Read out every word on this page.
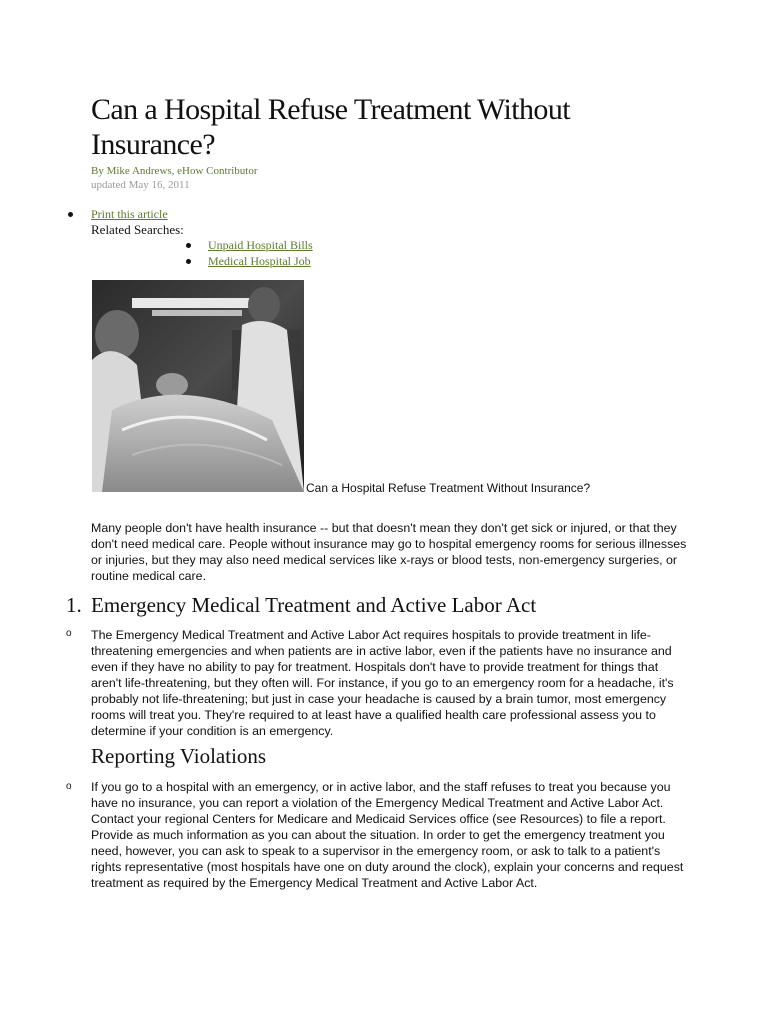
Can a Hospital Refuse Treatment Without Insurance?
By Mike Andrews, eHow Contributor
updated May 16, 2011
Print this article
Related Searches:
Unpaid Hospital Bills
Medical Hospital Job
Can a Hospital Refuse Treatment Without Insurance?

Many people don't have health insurance -- but that doesn't mean they don't get sick or injured, or that they don't need medical care. People without insurance may go to hospital emergency rooms for serious illnesses or injuries, but they may also need medical services like x-rays or blood tests, non-emergency surgeries, or routine medical care.

1. Emergency Medical Treatment and Active Labor Act
o The Emergency Medical Treatment and Active Labor Act requires hospitals to provide treatment in life-threatening emergencies and when patients are in active labor, even if the patients have no insurance and even if they have no ability to pay for treatment. Hospitals don't have to provide treatment for things that aren't life-threatening, but they often will. For instance, if you go to an emergency room for a headache, it's probably not life-threatening; but just in case your headache is caused by a brain tumor, most emergency rooms will treat you. They're required to at least have a qualified health care professional assess you to determine if your condition is an emergency.

Reporting Violations
o If you go to a hospital with an emergency, or in active labor, and the staff refuses to treat you because you have no insurance, you can report a violation of the Emergency Medical Treatment and Active Labor Act. Contact your regional Centers for Medicare and Medicaid Services office (see Resources) to file a report. Provide as much information as you can about the situation. In order to get the emergency treatment you need, however, you can ask to speak to a supervisor in the emergency room, or ask to talk to a patient's rights representative (most hospitals have one on duty around the clock), explain your concerns and request treatment as required by the Emergency Medical Treatment and Active Labor Act.
